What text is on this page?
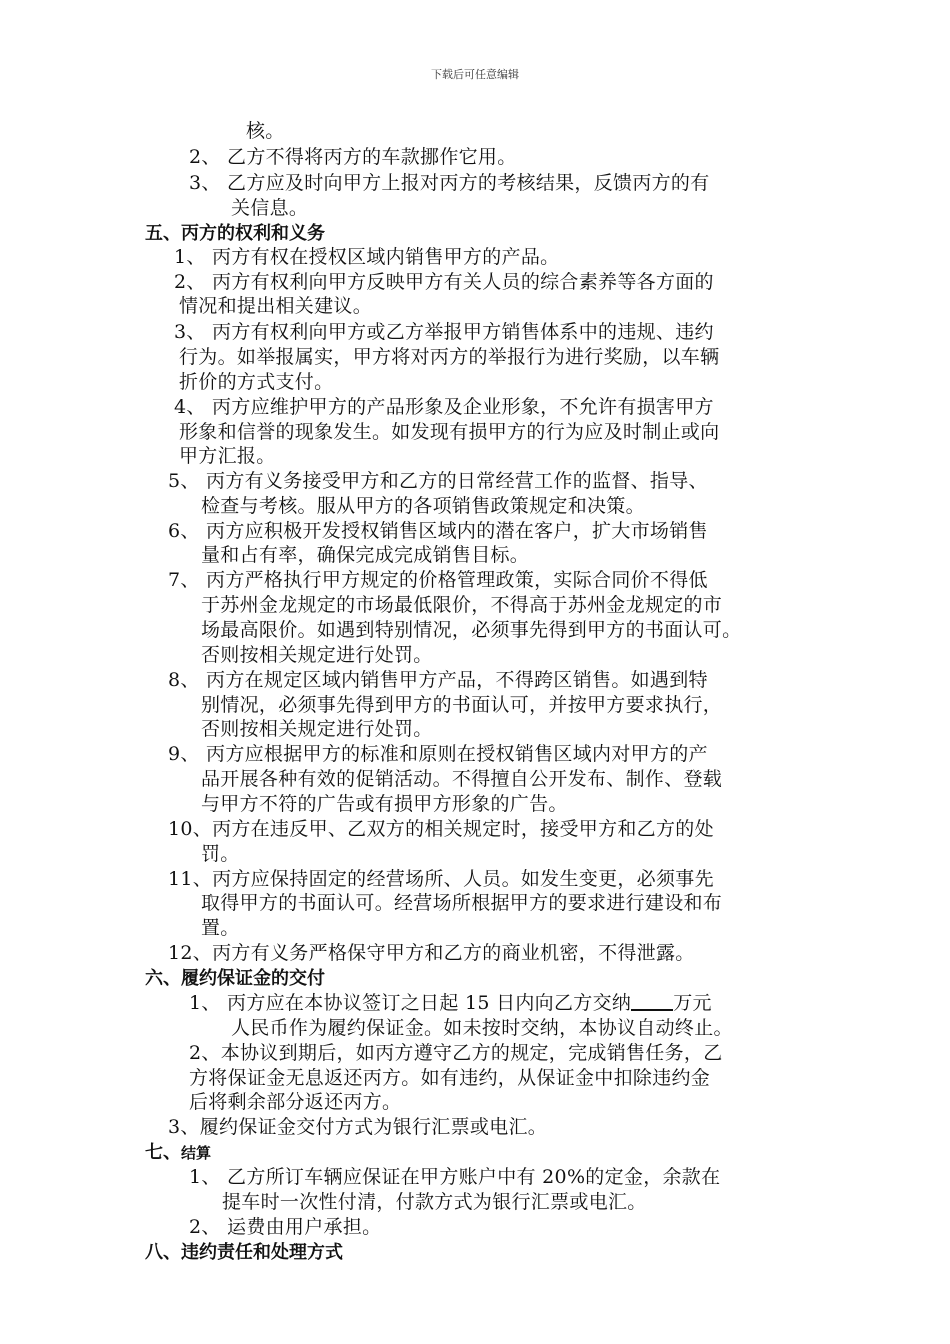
下载后可任意编辑
核。
2、 乙方不得将丙方的车款挪作它用。
3、 乙方应及时向甲方上报对丙方的考核结果，反馈丙方的有
关信息。
五、丙方的权利和义务
1、 丙方有权在授权区域内销售甲方的产品。
2、 丙方有权利向甲方反映甲方有关人员的综合素养等各方面的
情况和提出相关建议。
3、 丙方有权利向甲方或乙方举报甲方销售体系中的违规、违约
行为。如举报属实，甲方将对丙方的举报行为进行奖励，以车辆
折价的方式支付。
4、 丙方应维护甲方的产品形象及企业形象，不允许有损害甲方
形象和信誉的现象发生。如发现有损甲方的行为应及时制止或向
甲方汇报。
5、 丙方有义务接受甲方和乙方的日常经营工作的监督、指导、
检查与考核。服从甲方的各项销售政策规定和决策。
6、 丙方应积极开发授权销售区域内的潜在客户，扩大市场销售
量和占有率，确保完成完成销售目标。
7、 丙方严格执行甲方规定的价格管理政策，实际合同价不得低
于苏州金龙规定的市场最低限价，不得高于苏州金龙规定的市
场最高限价。如遇到特别情况，必须事先得到甲方的书面认可。
否则按相关规定进行处罚。
8、 丙方在规定区域内销售甲方产品，不得跨区销售。如遇到特
别情况，必须事先得到甲方的书面认可，并按甲方要求执行，
否则按相关规定进行处罚。
9、 丙方应根据甲方的标准和原则在授权销售区域内对甲方的产
品开展各种有效的促销活动。不得擅自公开发布、制作、登载
与甲方不符的广告或有损甲方形象的广告。
10、丙方在违反甲、乙双方的相关规定时，接受甲方和乙方的处
罚。
11、丙方应保持固定的经营场所、人员。如发生变更，必须事先
取得甲方的书面认可。经营场所根据甲方的要求进行建设和布
置。
12、丙方有义务严格保守甲方和乙方的商业机密，不得泄露。
六、履约保证金的交付
1、 丙方应在本协议签订之日起 15 日内向乙方交纳 万元
人民币作为履约保证金。如未按时交纳，本协议自动终止。
2、本协议到期后，如丙方遵守乙方的规定，完成销售任务，乙
方将保证金无息返还丙方。如有违约，从保证金中扣除违约金
后将剩余部分返还丙方。
3、履约保证金交付方式为银行汇票或电汇。
七、结算
1、 乙方所订车辆应保证在甲方账户中有 20%的定金，余款在
提车时一次性付清，付款方式为银行汇票或电汇。
2、 运费由用户承担。
八、违约责任和处理方式
